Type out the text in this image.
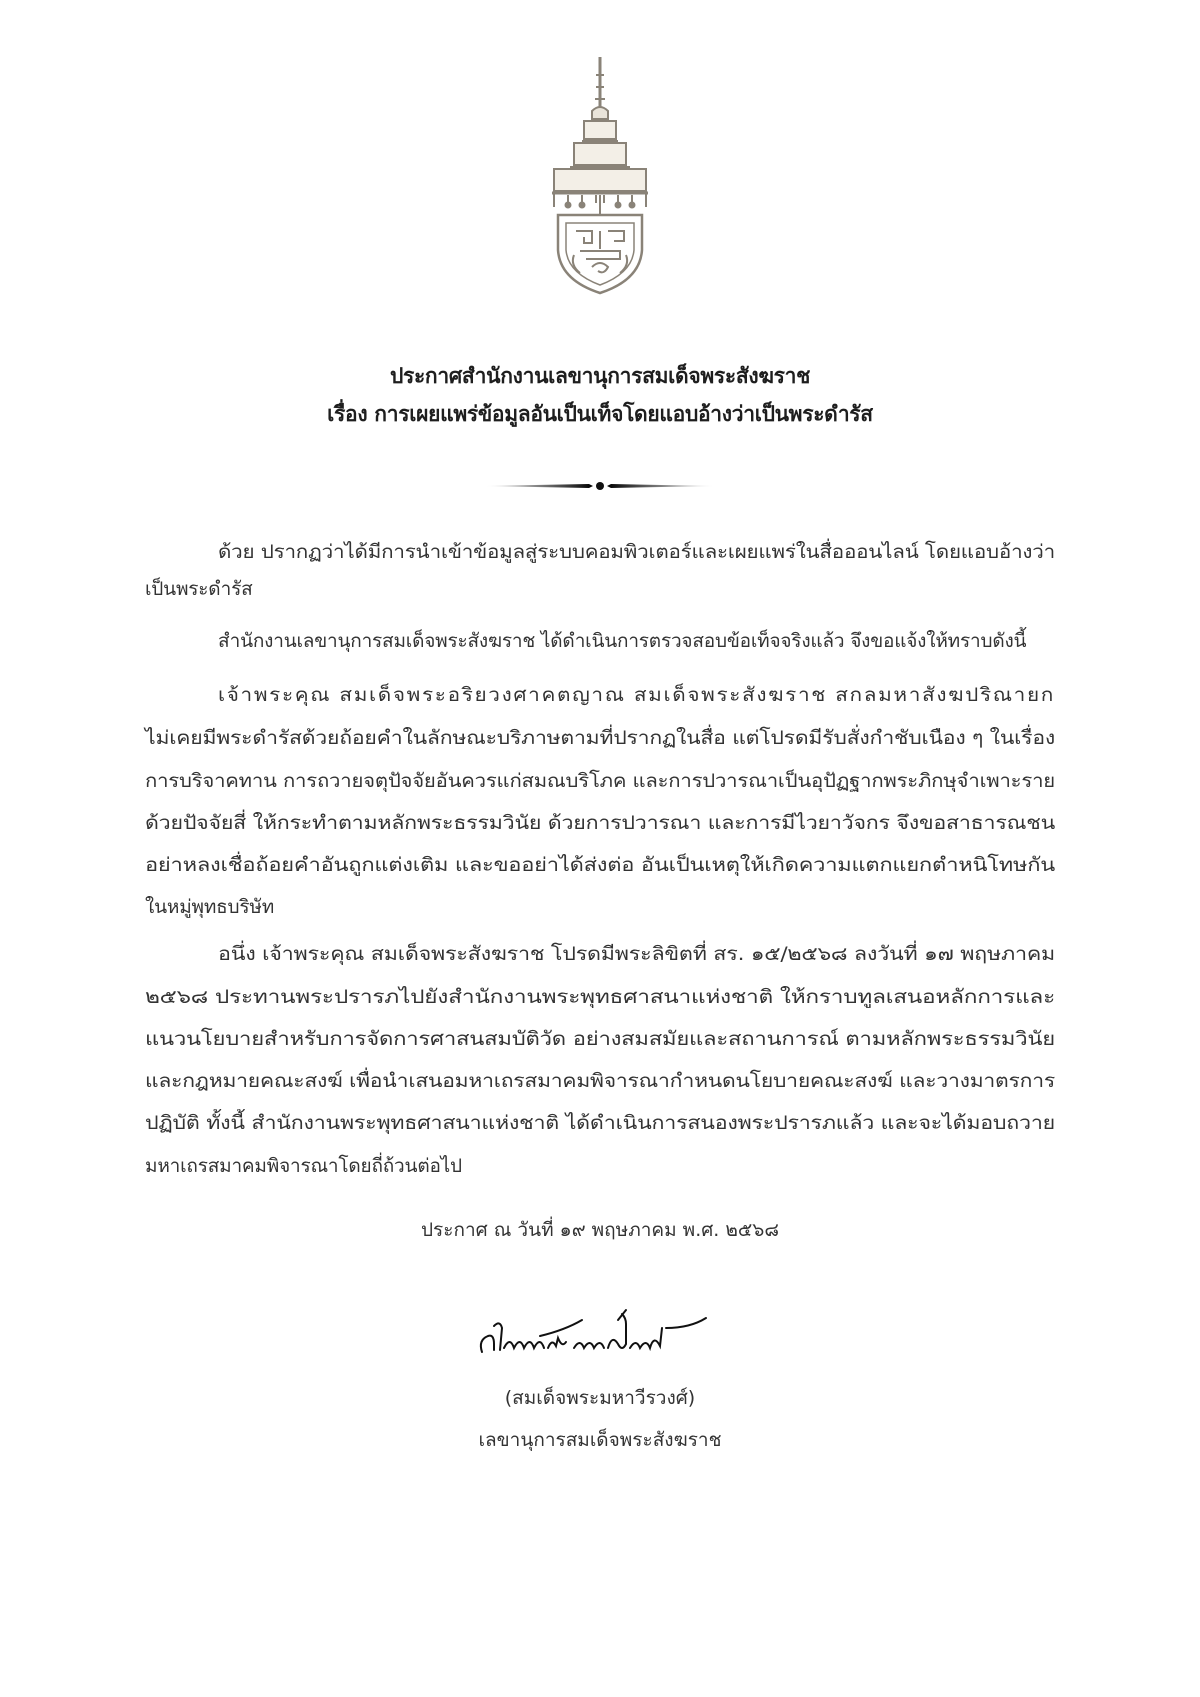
ประกาศสำนักงานเลขานุการสมเด็จพระสังฆราช
เรื่อง การเผยแพร่ข้อมูลอันเป็นเท็จโดยแอบอ้างว่าเป็นพระดำรัส
ด้วย ปรากฏว่าได้มีการนำเข้าข้อมูลสู่ระบบคอมพิวเตอร์และเผยแพร่ในสื่อออนไลน์ โดยแอบอ้างว่า
เป็นพระดำรัส
สำนักงานเลขานุการสมเด็จพระสังฆราช ได้ดำเนินการตรวจสอบข้อเท็จจริงแล้ว จึงขอแจ้งให้ทราบดังนี้
เจ้าพระคุณ สมเด็จพระอริยวงศาคตญาณ สมเด็จพระสังฆราช สกลมหาสังฆปริณายก
ไม่เคยมีพระดำรัสด้วยถ้อยคำในลักษณะบริภาษตามที่ปรากฏในสื่อ แต่โปรดมีรับสั่งกำชับเนือง ๆ ในเรื่อง
การบริจาคทาน การถวายจตุปัจจัยอันควรแก่สมณบริโภค และการปวารณาเป็นอุปัฏฐากพระภิกษุจำเพาะราย
ด้วยปัจจัยสี่ ให้กระทำตามหลักพระธรรมวินัย ด้วยการปวารณา และการมีไวยาวัจกร จึงขอสาธารณชน
อย่าหลงเชื่อถ้อยคำอันถูกแต่งเติม และขออย่าได้ส่งต่อ อันเป็นเหตุให้เกิดความแตกแยกตำหนิโทษกัน
ในหมู่พุทธบริษัท
อนึ่ง เจ้าพระคุณ สมเด็จพระสังฆราช โปรดมีพระลิขิตที่ สร. ๑๕/๒๕๖๘ ลงวันที่ ๑๗ พฤษภาคม
๒๕๖๘ ประทานพระปรารภไปยังสำนักงานพระพุทธศาสนาแห่งชาติ ให้กราบทูลเสนอหลักการและ
แนวนโยบายสำหรับการจัดการศาสนสมบัติวัด อย่างสมสมัยและสถานการณ์ ตามหลักพระธรรมวินัย
และกฎหมายคณะสงฆ์ เพื่อนำเสนอมหาเถรสมาคมพิจารณากำหนดนโยบายคณะสงฆ์ และวางมาตรการ
ปฏิบัติ ทั้งนี้ สำนักงานพระพุทธศาสนาแห่งชาติ ได้ดำเนินการสนองพระปรารภแล้ว และจะได้มอบถวาย
มหาเถรสมาคมพิจารณาโดยถี่ถ้วนต่อไป
ประกาศ ณ วันที่ ๑๙ พฤษภาคม พ.ศ. ๒๕๖๘
(สมเด็จพระมหาวีรวงศ์)
เลขานุการสมเด็จพระสังฆราช
